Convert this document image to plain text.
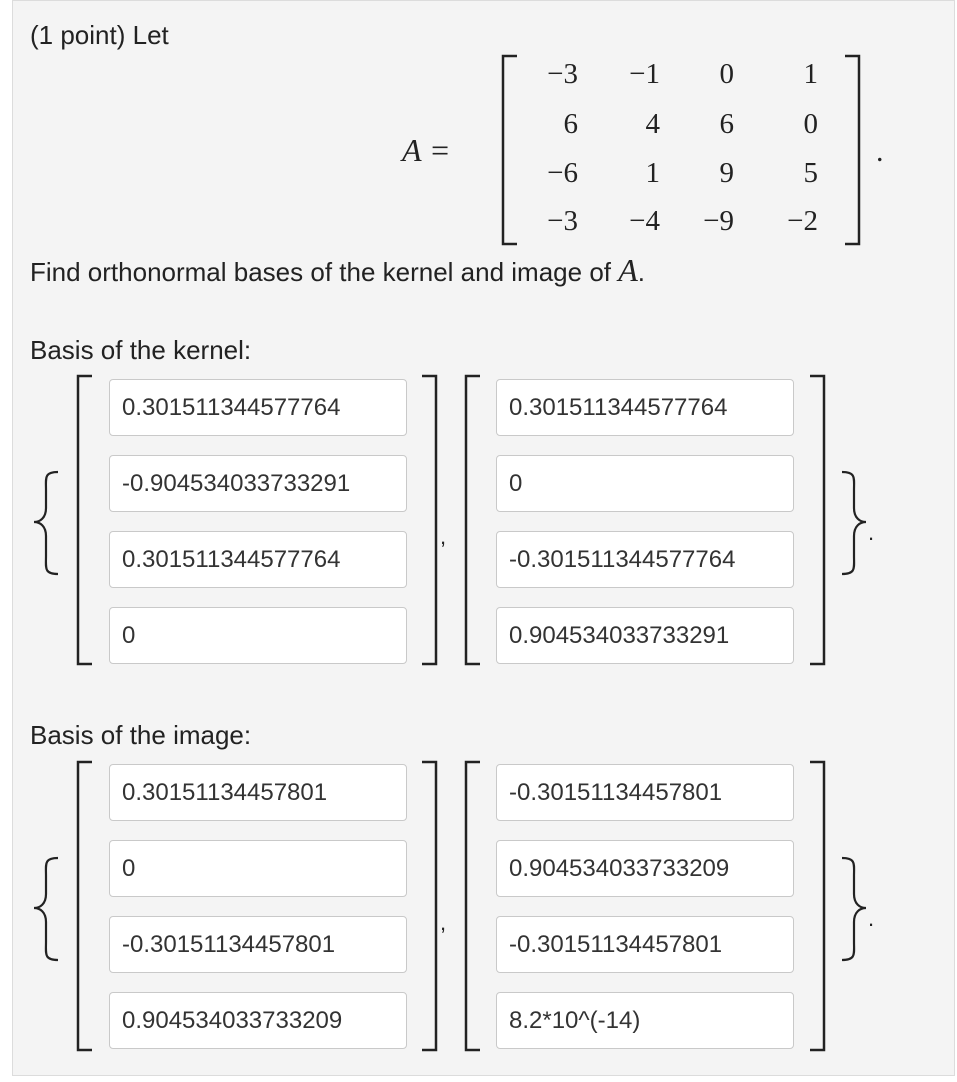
(1 point) Let
A =
−3	−1	0	1
6	4	6	0
−6	1	9	5
−3	−4	−9	−2
.
Find orthonormal bases of the kernel and image of A.
Basis of the kernel:
0.301511344577764
-0.904534033733291
0.301511344577764
0
,
0.301511344577764
0
-0.301511344577764
0.904534033733291
.
Basis of the image:
0.30151134457801
0
-0.30151134457801
0.904534033733209
,
-0.30151134457801
0.904534033733209
-0.30151134457801
8.2*10^(-14)
.
